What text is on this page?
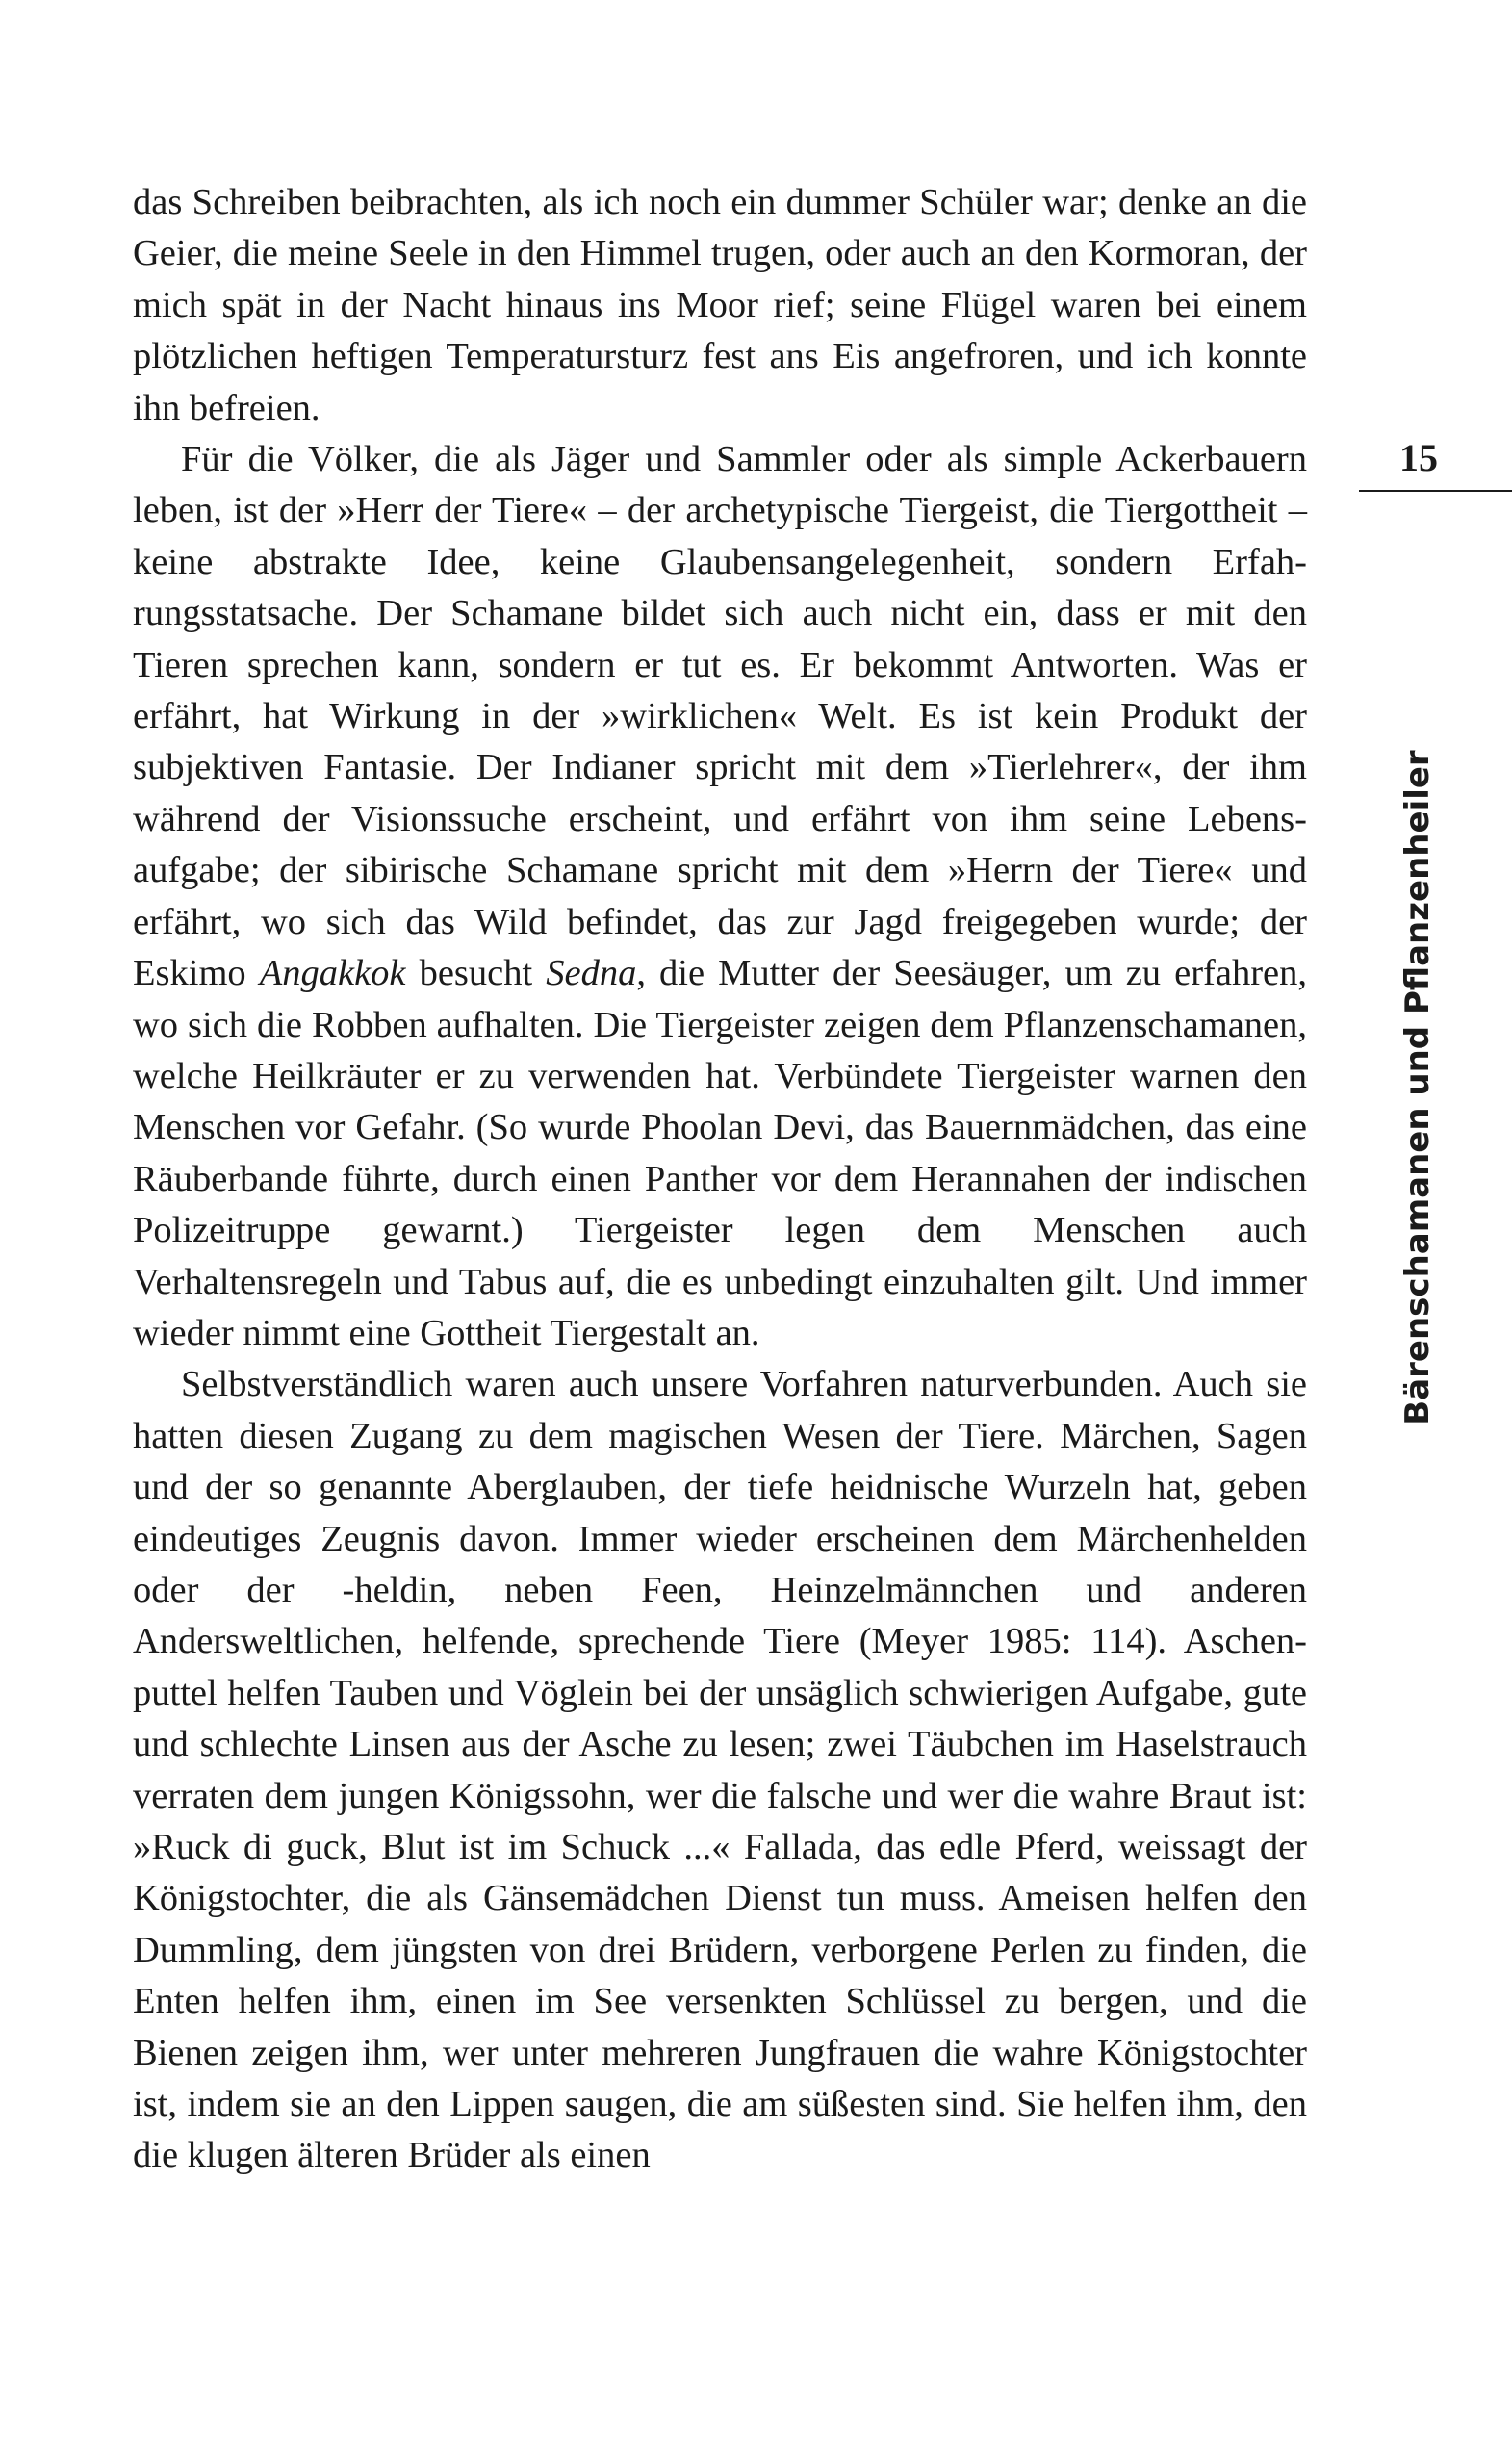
das Schreiben beibrachten, als ich noch ein dummer Schüler war; denke an die Geier, die meine Seele in den Himmel trugen, oder auch an den Kormoran, der mich spät in der Nacht hinaus ins Moor rief; seine Flügel waren bei einem plötzlichen heftigen Temperatursturz fest ans Eis angefroren, und ich konnte ihn befreien.

Für die Völker, die als Jäger und Sammler oder als simple Ackerbauern leben, ist der »Herr der Tiere« – der archetypische Tiergeist, die Tiergottheit – keine abstrakte Idee, keine Glaubensangelegenheit, sondern Erfahrungsstatsache. Der Schamane bildet sich auch nicht ein, dass er mit den Tieren sprechen kann, sondern er tut es. Er bekommt Antworten. Was er erfährt, hat Wirkung in der »wirklichen« Welt. Es ist kein Produkt der subjektiven Fantasie. Der Indianer spricht mit dem »Tierlehrer«, der ihm während der Visionssuche erscheint, und erfährt von ihm seine Lebensaufgabe; der sibirische Schamane spricht mit dem »Herrn der Tiere« und erfährt, wo sich das Wild befindet, das zur Jagd freigegeben wurde; der Eskimo Angakkok besucht Sedna, die Mutter der Seesäuger, um zu erfahren, wo sich die Robben aufhalten. Die Tiergeister zeigen dem Pflanzenschamanen, welche Heilkräuter er zu verwenden hat. Verbündete Tiergeister warnen den Menschen vor Gefahr. (So wurde Phoolan Devi, das Bauernmädchen, das eine Räuberbande führte, durch einen Panther vor dem Herannahen der indischen Polizeitruppe gewarnt.) Tiergeister legen dem Menschen auch Verhaltensregeln und Tabus auf, die es unbedingt einzuhalten gilt. Und immer wieder nimmt eine Gottheit Tiergestalt an.

Selbstverständlich waren auch unsere Vorfahren naturverbunden. Auch sie hatten diesen Zugang zu dem magischen Wesen der Tiere. Märchen, Sagen und der so genannte Aberglauben, der tiefe heidnische Wurzeln hat, geben eindeutiges Zeugnis davon. Immer wieder erscheinen dem Märchenhelden oder der -heldin, neben Feen, Heinzelmännchen und anderen Andersweltlichen, helfende, sprechende Tiere (Meyer 1985: 114). Aschenputtel helfen Tauben und Vöglein bei der unsäglich schwierigen Aufgabe, gute und schlechte Linsen aus der Asche zu lesen; zwei Täubchen im Haselstrauch verraten dem jungen Königssohn, wer die falsche und wer die wahre Braut ist: »Ruck di guck, Blut ist im Schuck ...« Fallada, das edle Pferd, weissagt der Königstochter, die als Gänsemädchen Dienst tun muss. Ameisen helfen den Dummling, dem jüngsten von drei Brüdern, verborgene Perlen zu finden, die Enten helfen ihm, einen im See versenkten Schlüssel zu bergen, und die Bienen zeigen ihm, wer unter mehreren Jungfrauen die wahre Königstochter ist, indem sie an den Lippen saugen, die am süßesten sind. Sie helfen ihm, den die klugen älteren Brüder als einen

15
Bärenschamanen und Pflanzenheiler
